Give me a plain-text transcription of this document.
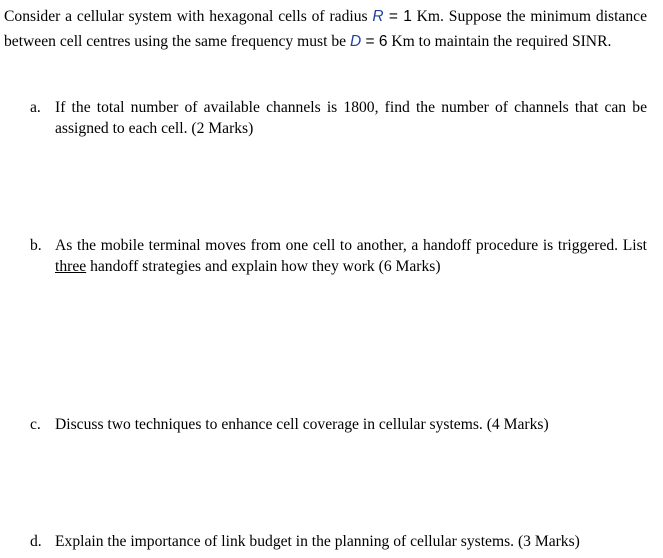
Consider a cellular system with hexagonal cells of radius R = 1 Km. Suppose the minimum distance between cell centres using the same frequency must be D = 6 Km to maintain the required SINR.
a. If the total number of available channels is 1800, find the number of channels that can be assigned to each cell. (2 Marks)
b. As the mobile terminal moves from one cell to another, a handoff procedure is triggered. List three handoff strategies and explain how they work (6 Marks)
c. Discuss two techniques to enhance cell coverage in cellular systems. (4 Marks)
d. Explain the importance of link budget in the planning of cellular systems. (3 Marks)
